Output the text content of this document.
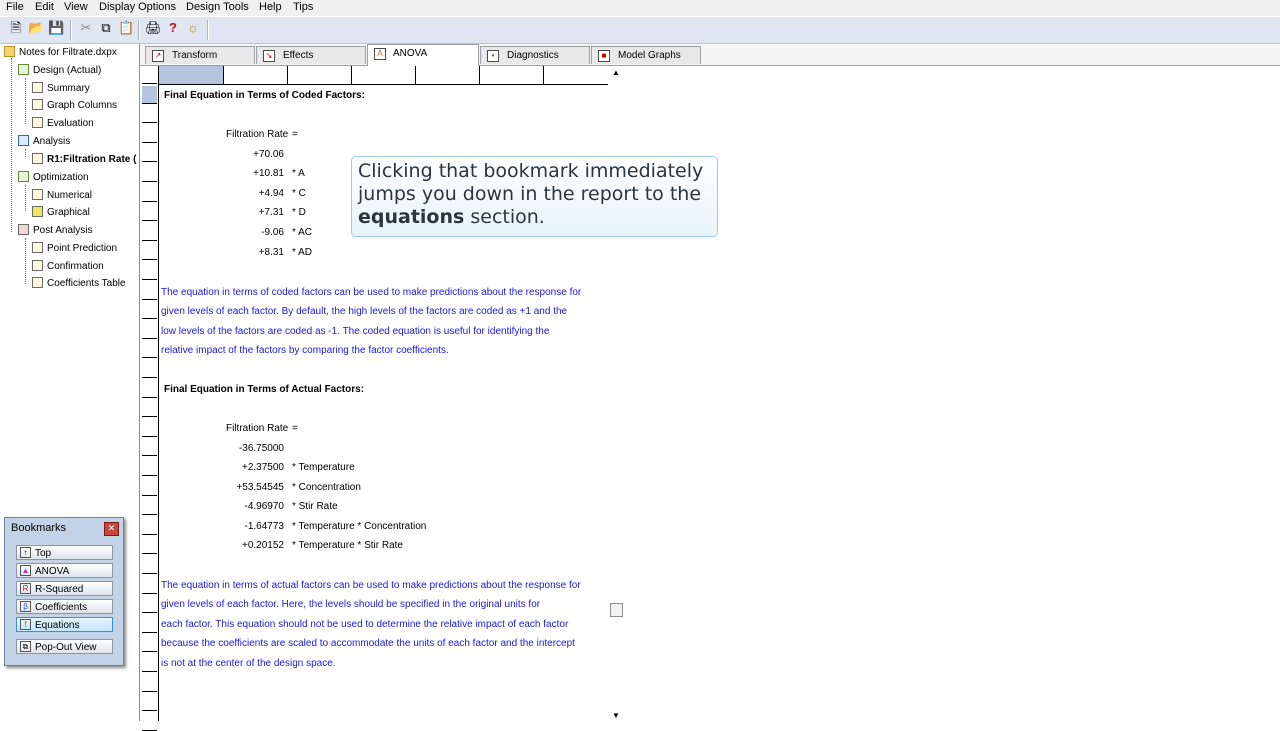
File Edit View Display Options Design Tools Help Tips
🗎 📂 💾 ✂ ⧉ 📋 🖨 ? ☼
Notes for Filtrate.dxpx
Design (Actual)
Summary
Graph Columns
Evaluation
Analysis
R1:Filtration Rate (
Optimization
Numerical
Graphical
Post Analysis
Point Prediction
Confirmation
Coefficients Table
Bookmarks	✕
↑ Top
▲ ANOVA
R R-Squared
β Coefficients
f Equations
⧉ Pop-Out View
↗ Transform	↘ Effects	A	ANOVA	•	Diagnostics	■	Model Graphs
Final Equation in Terms of Coded Factors:
Filtration Rate =
+70.06
+10.81 * A
+4.94 * C
+7.31 * D
-9.06 * AC
+8.31 * AD
The equation in terms of coded factors can be used to make predictions about the response for
given levels of each factor. By default, the high levels of the factors are coded as +1 and the
low levels of the factors are coded as -1. The coded equation is useful for identifying the
relative impact of the factors by comparing the factor coefficients.
Final Equation in Terms of Actual Factors:
Filtration Rate =
-36.75000
+2.37500 * Temperature
+53.54545 * Concentration
-4.96970 * Stir Rate
-1.64773 * Temperature * Concentration
+0.20152 * Temperature * Stir Rate
The equation in terms of actual factors can be used to make predictions about the response for
given levels of each factor. Here, the levels should be specified in the original units for
each factor. This equation should not be used to determine the relative impact of each factor
because the coefficients are scaled to accommodate the units of each factor and the intercept
is not at the center of the design space.
▲
▼
Clicking that bookmark immediately
jumps you down in the report to the
equations section.
